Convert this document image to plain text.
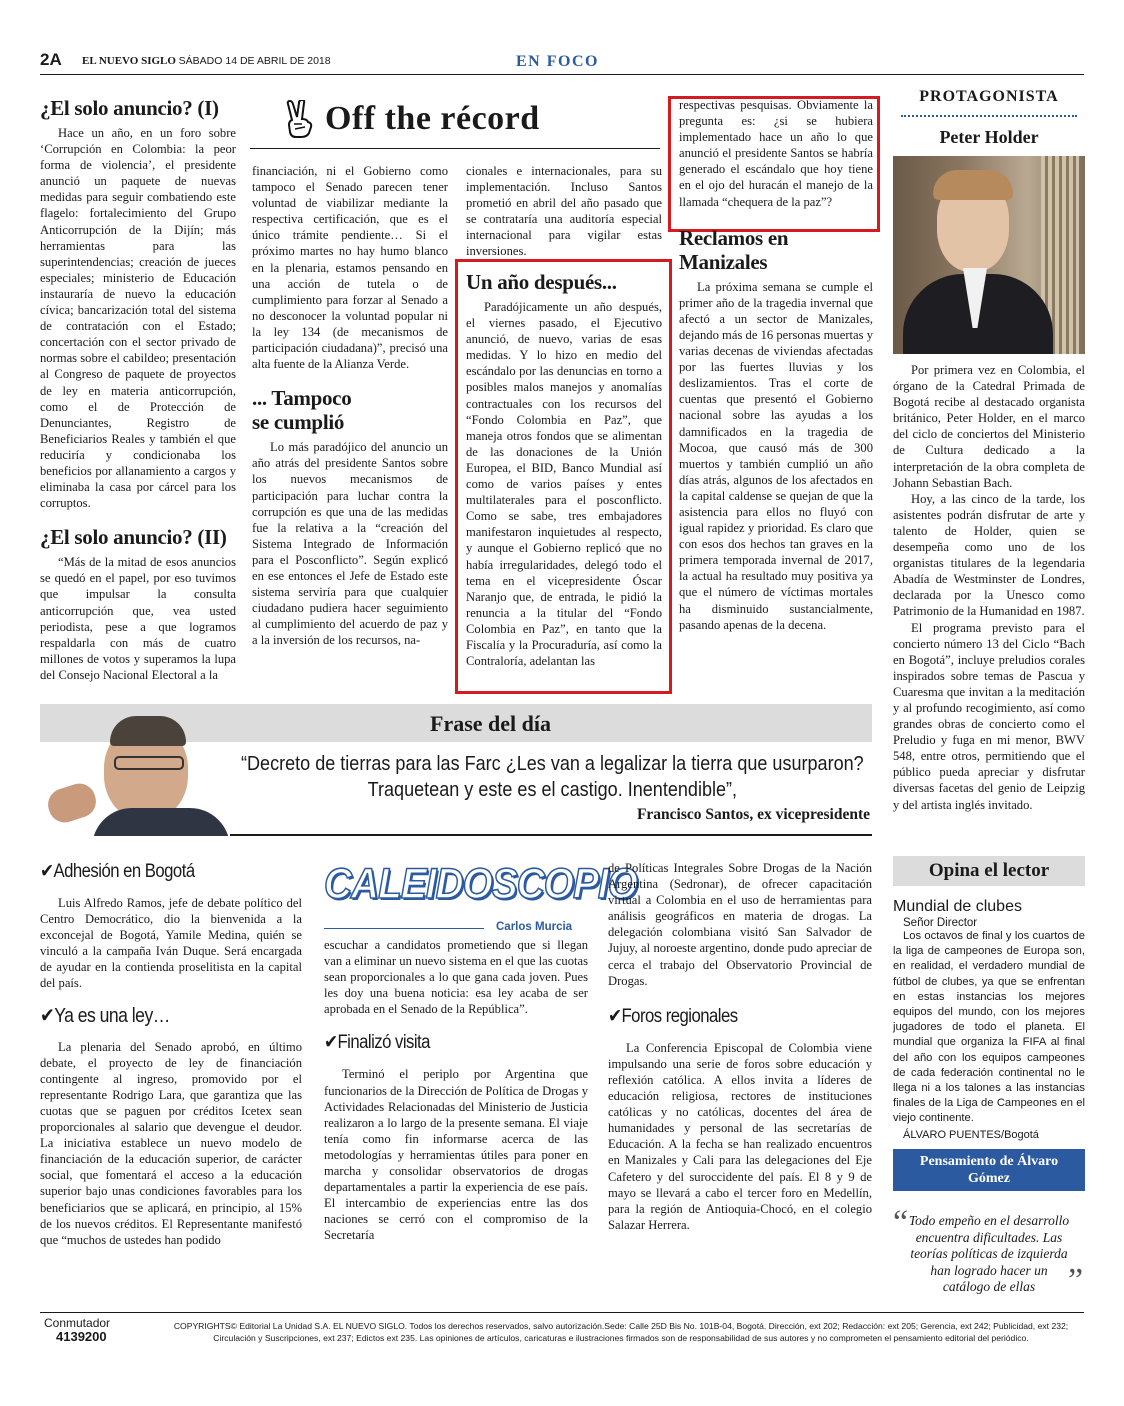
2A EL NUEVO SIGLO SÁBADO 14 DE ABRIL DE 2018	EN FOCO
Off the récord
¿El solo anuncio? (I)

Hace un año, en un foro sobre ‘Corrupción en Colombia: la peor forma de violencia’, el presidente anunció un paquete de nuevas medidas para seguir combatiendo este flagelo: fortalecimiento del Grupo Anticorrupción de la Dijín; más herramientas para las superintendencias; creación de jueces especiales; ministerio de Educación instauraría de nuevo la educación cívica; bancarización total del sistema de contratación con el Estado; concertación con el sector privado de normas sobre el cabildeo; presentación al Congreso de paquete de proyectos de ley en materia anticorrupción, como el de Protección de Denunciantes, Registro de Beneficiarios Reales y también el que reduciría y condicionaba los beneficios por allanamiento a cargos y eliminaba la casa por cárcel para los corruptos.

¿El solo anuncio? (II)

“Más de la mitad de esos anuncios se quedó en el papel, por eso tuvimos que impulsar la consulta anticorrupción que, vea usted periodista, pese a que logramos respaldarla con más de cuatro millones de votos y superamos la lupa del Consejo Nacional Electoral a la

financiación, ni el Gobierno como tampoco el Senado parecen tener voluntad de viabilizar mediante la respectiva certificación, que es el único trámite pendiente… Si el próximo martes no hay humo blanco en la plenaria, estamos pensando en una acción de tutela o de cumplimiento para forzar al Senado a no desconocer la voluntad popular ni la ley 134 (de mecanismos de participación ciudadana)”, precisó una alta fuente de la Alianza Verde.

... Tampoco se cumplió

Lo más paradójico del anuncio un año atrás del presidente Santos sobre los nuevos mecanismos de participación para luchar contra la corrupción es que una de las medidas fue la relativa a la “creación del Sistema Integrado de Información para el Posconflicto”. Según explicó en ese entonces el Jefe de Estado este sistema serviría para que cualquier ciudadano pudiera hacer seguimiento al cumplimiento del acuerdo de paz y a la inversión de los recursos, na-

cionales e internacionales, para su implementación. Incluso Santos prometió en abril del año pasado que se contrataría una auditoría especial internacional para vigilar estas inversiones.

Un año después...

Paradójicamente un año después, el viernes pasado, el Ejecutivo anunció, de nuevo, varias de esas medidas. Y lo hizo en medio del escándalo por las denuncias en torno a posibles malos manejos y anomalías contractuales con los recursos del “Fondo Colombia en Paz”, que maneja otros fondos que se alimentan de las donaciones de la Unión Europea, el BID, Banco Mundial así como de varios países y entes multilaterales para el posconflicto. Como se sabe, tres embajadores manifestaron inquietudes al respecto, y aunque el Gobierno replicó que no había irregularidades, delegó todo el tema en el vicepresidente Óscar Naranjo que, de entrada, le pidió la renuncia a la titular del “Fondo Colombia en Paz”, en tanto que la Fiscalía y la Procuraduría, así como la Contraloría, adelantan las

respectivas pesquisas. Obviamente la pregunta es: ¿si se hubiera implementado hace un año lo que anunció el presidente Santos se habría generado el escándalo que hoy tiene en el ojo del huracán el manejo de la llamada “chequera de la paz”?

Reclamos en Manizales

La próxima semana se cumple el primer año de la tragedia invernal que afectó a un sector de Manizales, dejando más de 16 personas muertas y varias decenas de viviendas afectadas por las fuertes lluvias y los deslizamientos. Tras el corte de cuentas que presentó el Gobierno nacional sobre las ayudas a los damnificados en la tragedia de Mocoa, que causó más de 300 muertos y también cumplió un año días atrás, algunos de los afectados en la capital caldense se quejan de que la asistencia para ellos no fluyó con igual rapidez y prioridad. Es claro que con esos dos hechos tan graves en la primera temporada invernal de 2017, la actual ha resultado muy positiva ya que el número de víctimas mortales ha disminuido sustancialmente, pasando apenas de la decena.

PROTAGONISTA
Peter Holder

Por primera vez en Colombia, el órgano de la Catedral Primada de Bogotá recibe al destacado organista británico, Peter Holder, en el marco del ciclo de conciertos del Ministerio de Cultura dedicado a la interpretación de la obra completa de Johann Sebastian Bach.

Hoy, a las cinco de la tarde, los asistentes podrán disfrutar de arte y talento de Holder, quien se desempeña como uno de los organistas titulares de la legendaria Abadía de Westminster de Londres, declarada por la Unesco como Patrimonio de la Humanidad en 1987.

El programa previsto para el concierto número 13 del Ciclo “Bach en Bogotá”, incluye preludios corales inspirados sobre temas de Pascua y Cuaresma que invitan a la meditación y al profundo recogimiento, así como grandes obras de concierto como el Preludio y fuga en mi menor, BWV 548, entre otros, permitiendo que el público pueda apreciar y disfrutar diversas facetas del genio de Leipzig y del artista inglés invitado.

Frase del día
“Decreto de tierras para las Farc ¿Les van a legalizar la tierra que usurparon? Traquetean y este es el castigo. Inentendible”,
Francisco Santos, ex vicepresidente
✔Adhesión en Bogotá

Luis Alfredo Ramos, jefe de debate político del Centro Democrático, dio la bienvenida a la exconcejal de Bogotá, Yamile Medina, quién se vinculó a la campaña Iván Duque. Será encargada de ayudar en la contienda proselitista en la capital del país.

✔Ya es una ley…

La plenaria del Senado aprobó, en último debate, el proyecto de ley de financiación contingente al ingreso, promovido por el representante Rodrigo Lara, que garantiza que las cuotas que se paguen por créditos Icetex sean proporcionales al salario que devengue el deudor. La iniciativa establece un nuevo modelo de financiación de la educación superior, de carácter social, que fomentará el acceso a la educación superior bajo unas condiciones favorables para los beneficiarios que se aplicará, en principio, al 15% de los nuevos créditos. El Representante manifestó que “muchos de ustedes han podido

CALEIDOSCOPIO
Carlos Murcia

escuchar a candidatos prometiendo que si llegan van a eliminar un nuevo sistema en el que las cuotas sean proporcionales a lo que gana cada joven. Pues les doy una buena noticia: esa ley acaba de ser aprobada en el Senado de la República”.

✔Finalizó visita

Terminó el periplo por Argentina que funcionarios de la Dirección de Política de Drogas y Actividades Relacionadas del Ministerio de Justicia realizaron a lo largo de la presente semana. El viaje tenía como fin informarse acerca de las metodologías y herramientas útiles para poner en marcha y consolidar observatorios de drogas departamentales a partir la experiencia de ese país. El intercambio de experiencias entre las dos naciones se cerró con el compromiso de la Secretaría

de Políticas Integrales Sobre Drogas de la Nación Argentina (Sedronar), de ofrecer capacitación virtual a Colombia en el uso de herramientas para análisis geográficos en materia de drogas. La delegación colombiana visitó San Salvador de Jujuy, al noroeste argentino, donde pudo apreciar de cerca el trabajo del Observatorio Provincial de Drogas.

✔Foros regionales

La Conferencia Episcopal de Colombia viene impulsando una serie de foros sobre educación y reflexión católica. A ellos invita a líderes de educación religiosa, rectores de instituciones católicas y no católicas, docentes del área de humanidades y personal de las secretarías de Educación. A la fecha se han realizado encuentros en Manizales y Cali para las delegaciones del Eje Cafetero y del suroccidente del país. El 8 y 9 de mayo se llevará a cabo el tercer foro en Medellín, para la región de Antioquia-Chocó, en el colegio Salazar Herrera.

Opina el lector
Mundial de clubes
Señor Director
Los octavos de final y los cuartos de la liga de campeones de Europa son, en realidad, el verdadero mundial de fútbol de clubes, ya que se enfrentan en estas instancias los mejores equipos del mundo, con los mejores jugadores de todo el planeta. El mundial que organiza la FIFA al final del año con los equipos campeones de cada federación continental no le llega ni a los talones a las instancias finales de la Liga de Campeones en el viejo continente.
ÁLVARO PUENTES/Bogotá
Pensamiento de Álvaro Gómez
“ Todo empeño en el desarrollo encuentra dificultades. Las teorías políticas de izquierda han logrado hacer un catálogo de ellas ”
Conmutador
4139200
COPYRIGHTS© Editorial La Unidad S.A. EL NUEVO SIGLO. Todos los derechos reservados, salvo autorización.Sede: Calle 25D Bis No. 101B-04, Bogotá. Dirección, ext 202; Redacción: ext 205; Gerencia, ext 242; Publicidad, ext 232; Circulación y Suscripciones, ext 237; Edictos ext 235. Las opiniones de artículos, caricaturas e ilustraciones firmados son de responsabilidad de sus autores y no comprometen el pensamiento editorial del periódico.
